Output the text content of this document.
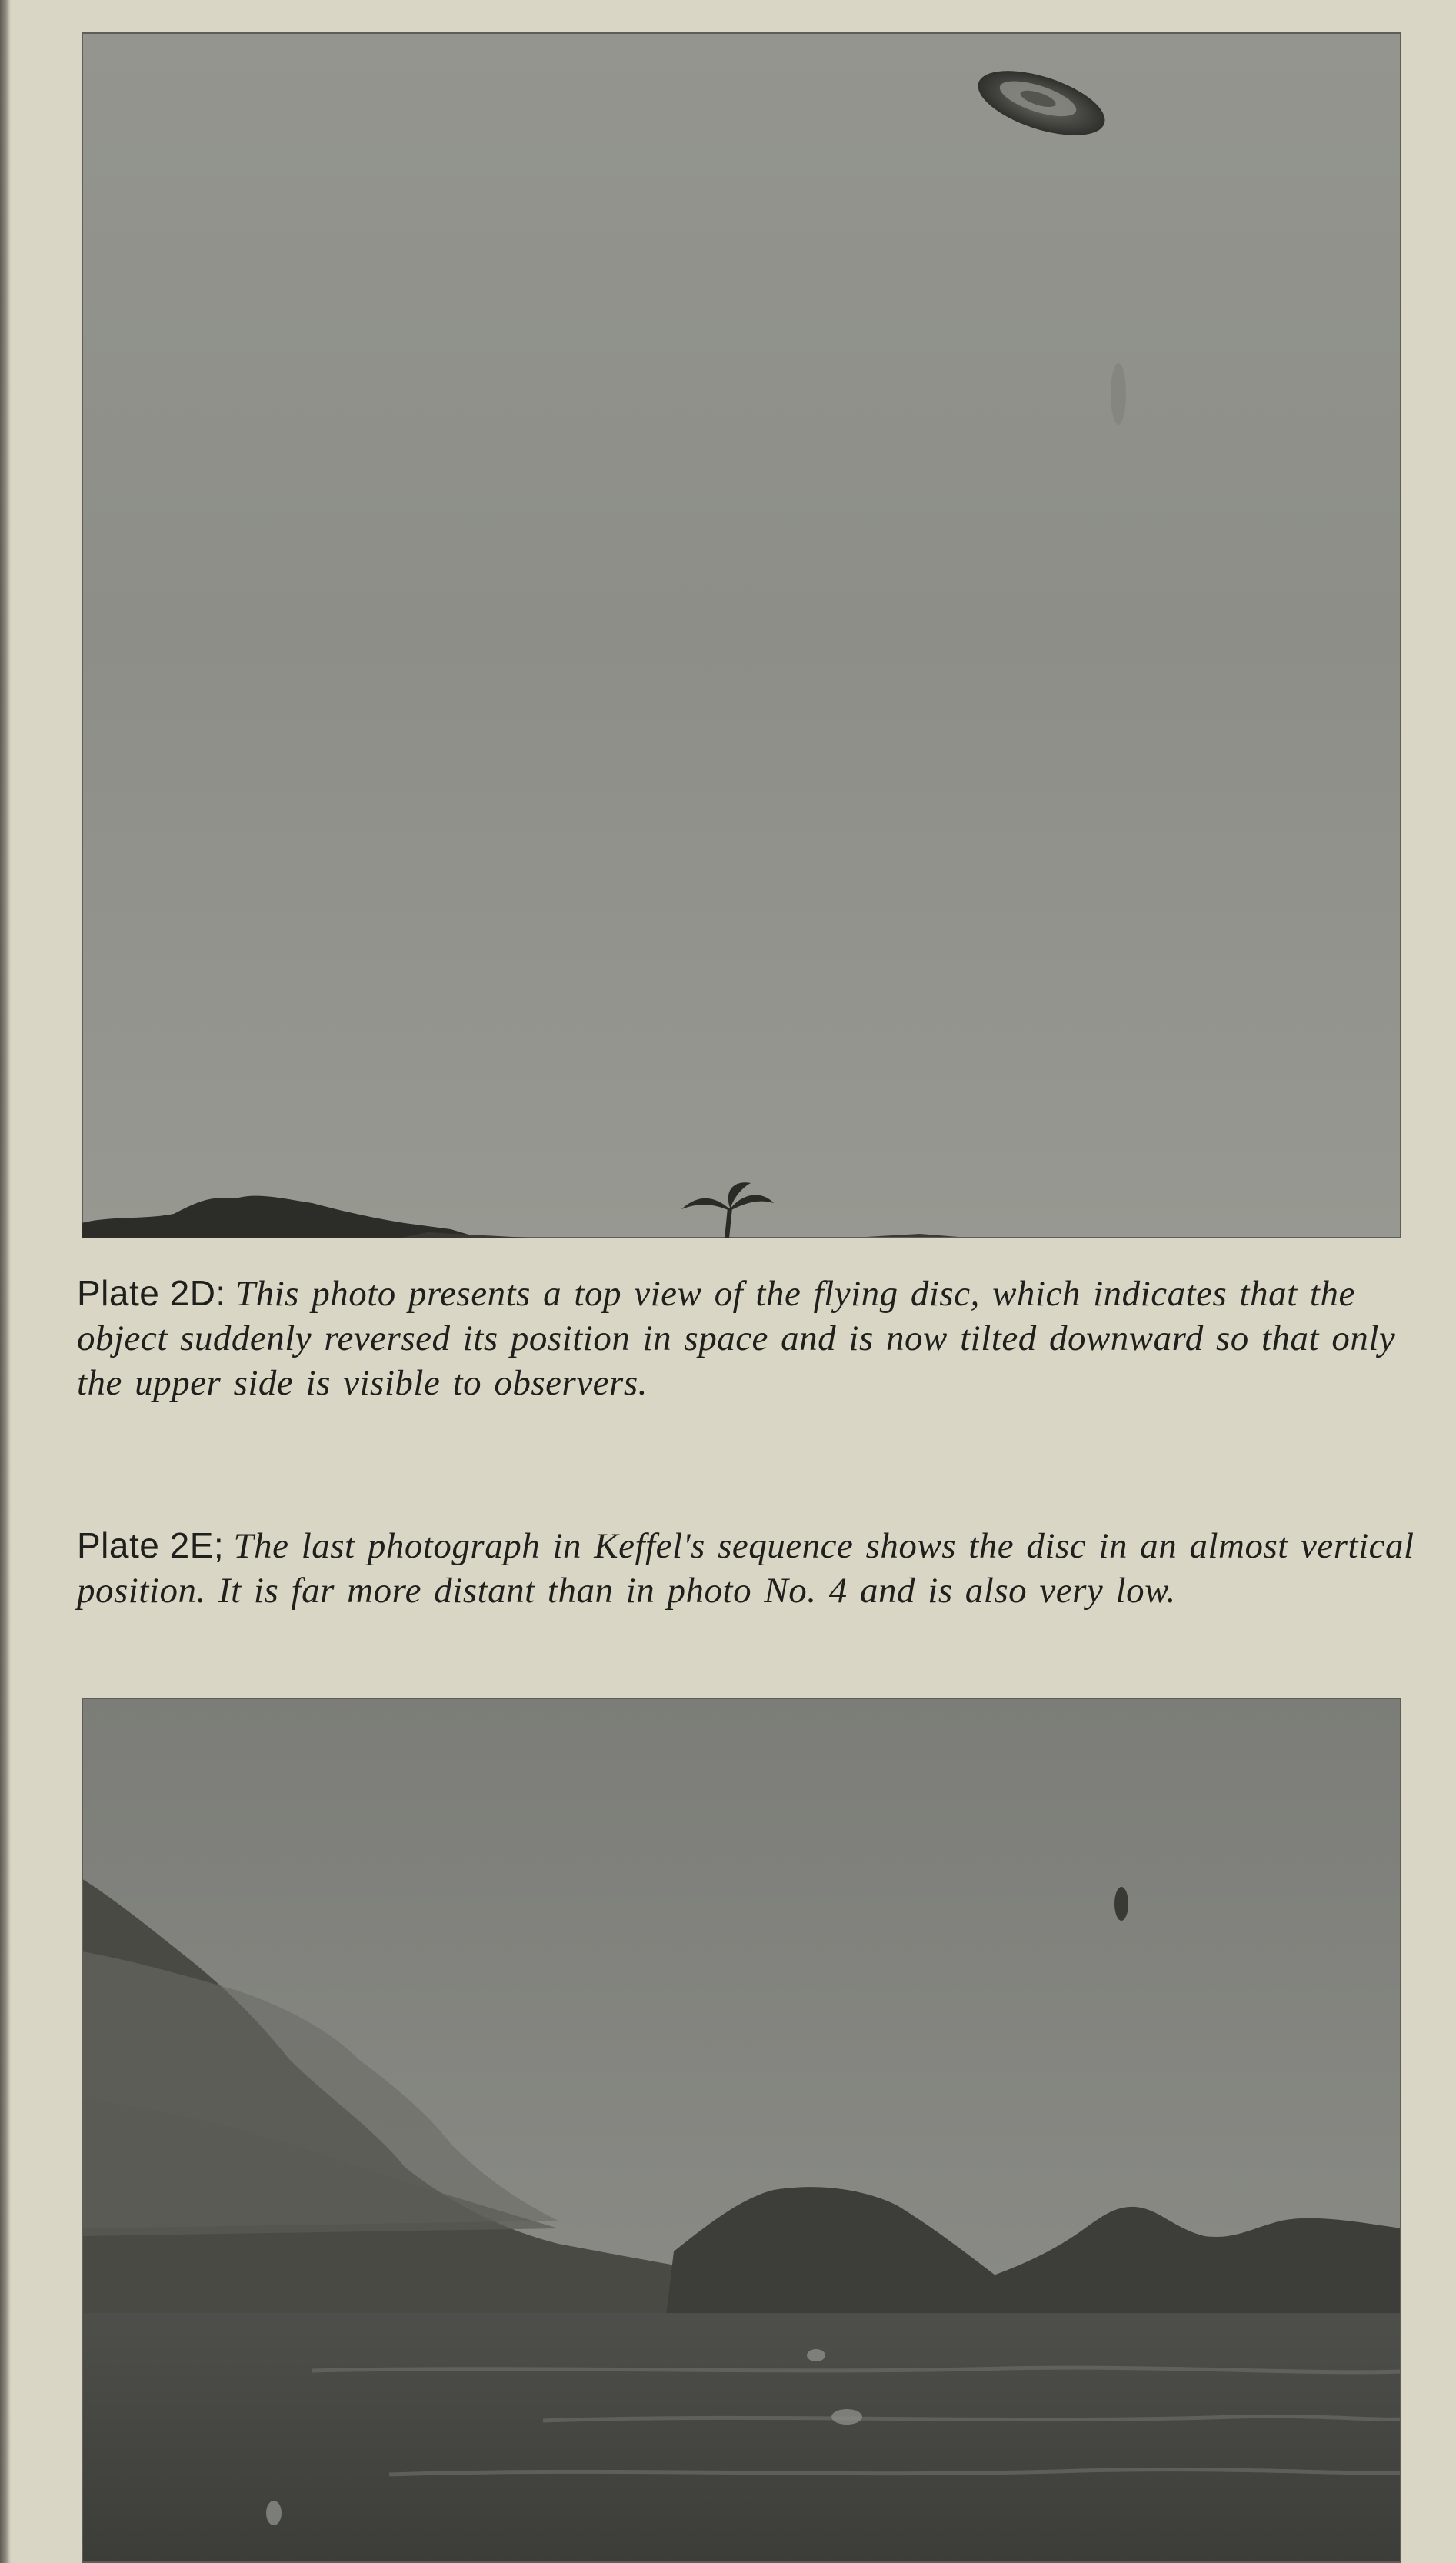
Plate 2D: This photo presents a top view of the flying disc, which indicates that the object suddenly reversed its position in space and is now tilted downward so that only the upper side is visible to observers.

Plate 2E; The last photograph in Keffel's sequence shows the disc in an almost vertical position. It is far more distant than in photo No. 4 and is also very low.
